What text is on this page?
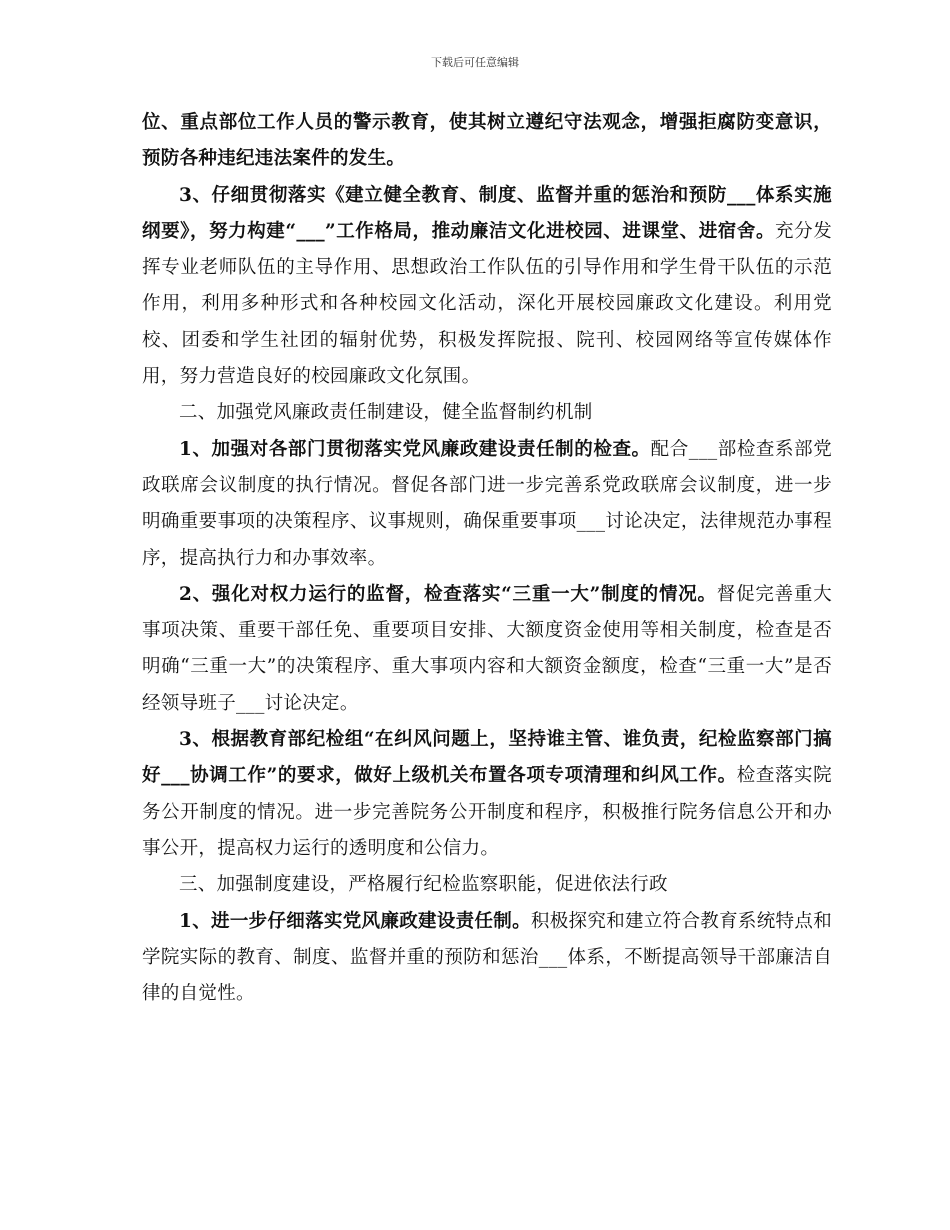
下载后可任意编辑

位、重点部位工作人员的警示教育，使其树立遵纪守法观念，增强拒腐防变意识，预防各种违纪违法案件的发生。

3、仔细贯彻落实《建立健全教育、制度、监督并重的惩治和预防___体系实施纲要》，努力构建“___”工作格局，推动廉洁文化进校园、进课堂、进宿舍。充分发挥专业老师队伍的主导作用、思想政治工作队伍的引导作用和学生骨干队伍的示范作用，利用多种形式和各种校园文化活动，深化开展校园廉政文化建设。利用党校、团委和学生社团的辐射优势，积极发挥院报、院刊、校园网络等宣传媒体作用，努力营造良好的校园廉政文化氛围。

二、加强党风廉政责任制建设，健全监督制约机制

1、加强对各部门贯彻落实党风廉政建设责任制的检查。配合___部检查系部党政联席会议制度的执行情况。督促各部门进一步完善系党政联席会议制度，进一步明确重要事项的决策程序、议事规则，确保重要事项___讨论决定，法律规范办事程序，提高执行力和办事效率。

2、强化对权力运行的监督，检查落实“三重一大”制度的情况。督促完善重大事项决策、重要干部任免、重要项目安排、大额度资金使用等相关制度，检查是否明确“三重一大”的决策程序、重大事项内容和大额资金额度，检查“三重一大”是否经领导班子___讨论决定。

3、根据教育部纪检组“在纠风问题上，坚持谁主管、谁负责，纪检监察部门搞好___协调工作”的要求，做好上级机关布置各项专项清理和纠风工作。检查落实院务公开制度的情况。进一步完善院务公开制度和程序，积极推行院务信息公开和办事公开，提高权力运行的透明度和公信力。

三、加强制度建设，严格履行纪检监察职能，促进依法行政

1、进一步仔细落实党风廉政建设责任制。积极探究和建立符合教育系统特点和学院实际的教育、制度、监督并重的预防和惩治___体系，不断提高领导干部廉洁自律的自觉性。
